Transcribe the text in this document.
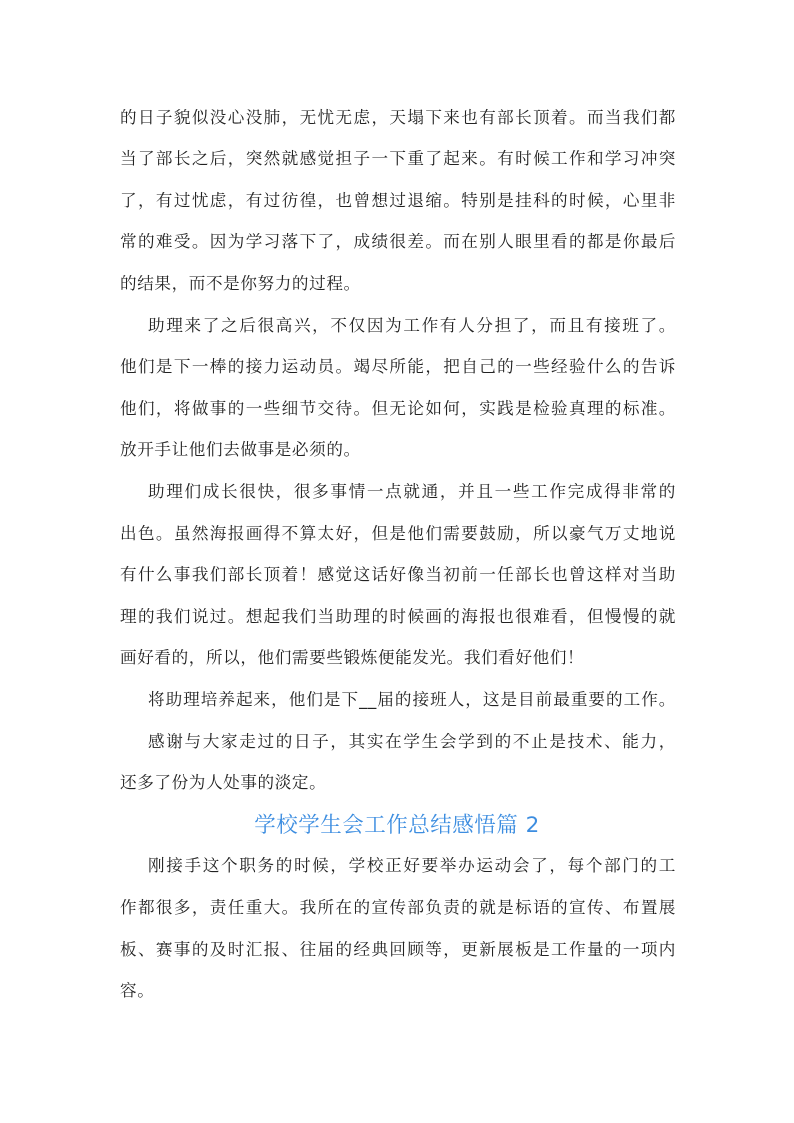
的日子貌似没心没肺，无忧无虑，天塌下来也有部长顶着。而当我们都
当了部长之后，突然就感觉担子一下重了起来。有时候工作和学习冲突
了，有过忧虑，有过彷徨，也曾想过退缩。特别是挂科的时候，心里非
常的难受。因为学习落下了，成绩很差。而在别人眼里看的都是你最后
的结果，而不是你努力的过程。
助理来了之后很高兴，不仅因为工作有人分担了，而且有接班了。
他们是下一棒的接力运动员。竭尽所能，把自己的一些经验什么的告诉
他们，将做事的一些细节交待。但无论如何，实践是检验真理的标准。
放开手让他们去做事是必须的。
助理们成长很快，很多事情一点就通，并且一些工作完成得非常的
出色。虽然海报画得不算太好，但是他们需要鼓励，所以豪气万丈地说
有什么事我们部长顶着！感觉这话好像当初前一任部长也曾这样对当助
理的我们说过。想起我们当助理的时候画的海报也很难看，但慢慢的就
画好看的，所以，他们需要些锻炼便能发光。我们看好他们！
将助理培养起来，他们是下__届的接班人，这是目前最重要的工作。
感谢与大家走过的日子，其实在学生会学到的不止是技术、能力，
还多了份为人处事的淡定。
学校学生会工作总结感悟篇 2
刚接手这个职务的时候，学校正好要举办运动会了，每个部门的工
作都很多，责任重大。我所在的宣传部负责的就是标语的宣传、布置展
板、赛事的及时汇报、往届的经典回顾等，更新展板是工作量的一项内
容。
